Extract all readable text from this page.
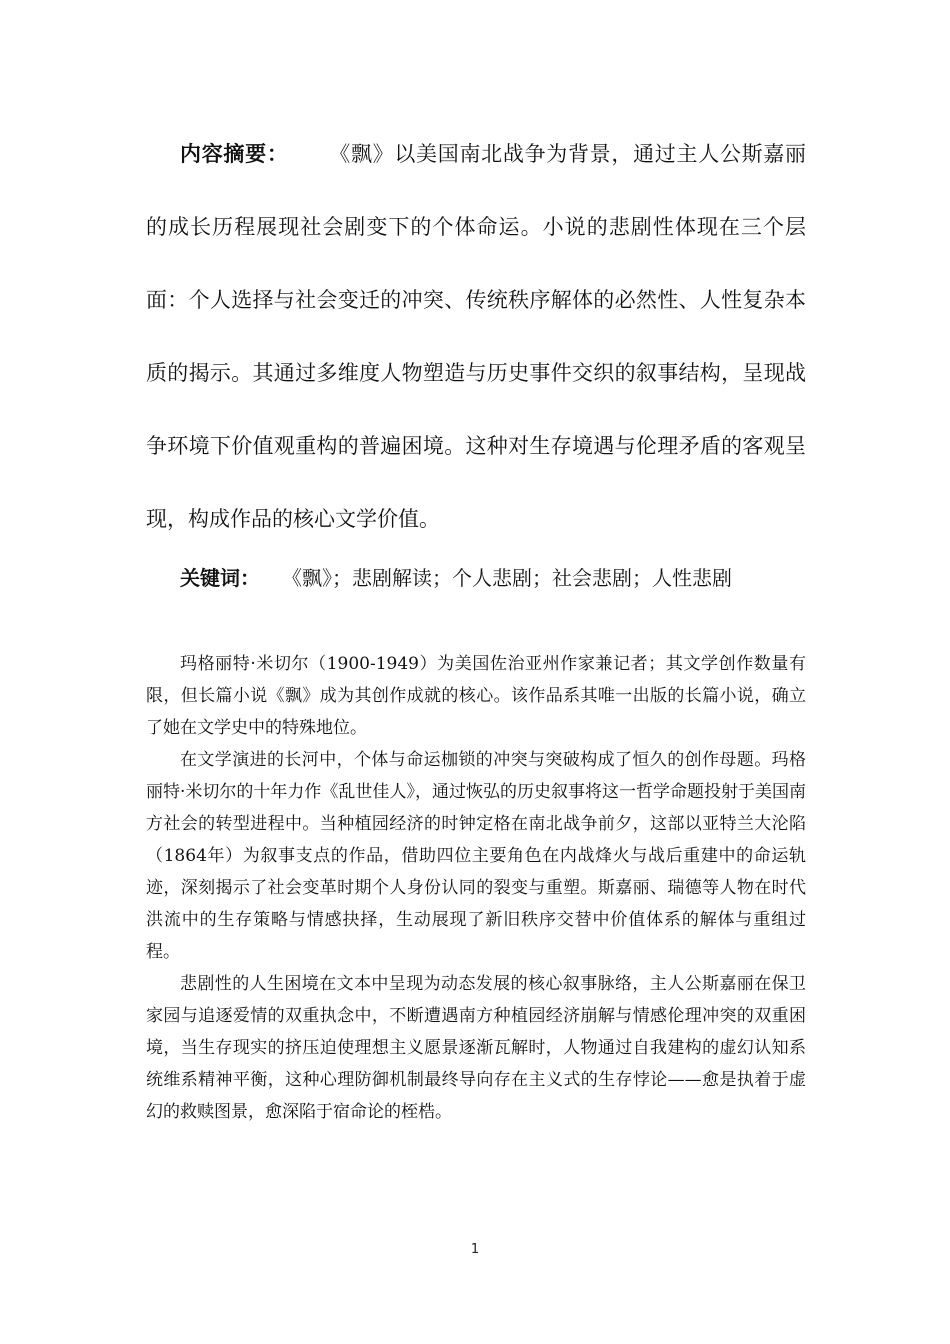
内容摘要： 《飘》以美国南北战争为背景，通过主人公斯嘉丽的成长历程展现社会剧变下的个体命运。小说的悲剧性体现在三个层面：个人选择与社会变迁的冲突、传统秩序解体的必然性、人性复杂本质的揭示。其通过多维度人物塑造与历史事件交织的叙事结构，呈现战争环境下价值观重构的普遍困境。这种对生存境遇与伦理矛盾的客观呈现，构成作品的核心文学价值。

关键词： 《飘》；悲剧解读；个人悲剧；社会悲剧；人性悲剧

玛格丽特·米切尔（1900-1949）为美国佐治亚州作家兼记者；其文学创作数量有限，但长篇小说《飘》成为其创作成就的核心。该作品系其唯一出版的长篇小说，确立了她在文学史中的特殊地位。

在文学演进的长河中，个体与命运枷锁的冲突与突破构成了恒久的创作母题。玛格丽特·米切尔的十年力作《乱世佳人》，通过恢弘的历史叙事将这一哲学命题投射于美国南方社会的转型进程中。当种植园经济的时钟定格在南北战争前夕，这部以亚特兰大沦陷（1864年）为叙事支点的作品，借助四位主要角色在内战烽火与战后重建中的命运轨迹，深刻揭示了社会变革时期个人身份认同的裂变与重塑。斯嘉丽、瑞德等人物在时代洪流中的生存策略与情感抉择，生动展现了新旧秩序交替中价值体系的解体与重组过程。

悲剧性的人生困境在文本中呈现为动态发展的核心叙事脉络，主人公斯嘉丽在保卫家园与追逐爱情的双重执念中，不断遭遇南方种植园经济崩解与情感伦理冲突的双重困境，当生存现实的挤压迫使理想主义愿景逐渐瓦解时，人物通过自我建构的虚幻认知系统维系精神平衡，这种心理防御机制最终导向存在主义式的生存悖论——愈是执着于虚幻的救赎图景，愈深陷于宿命论的桎梏。

1
